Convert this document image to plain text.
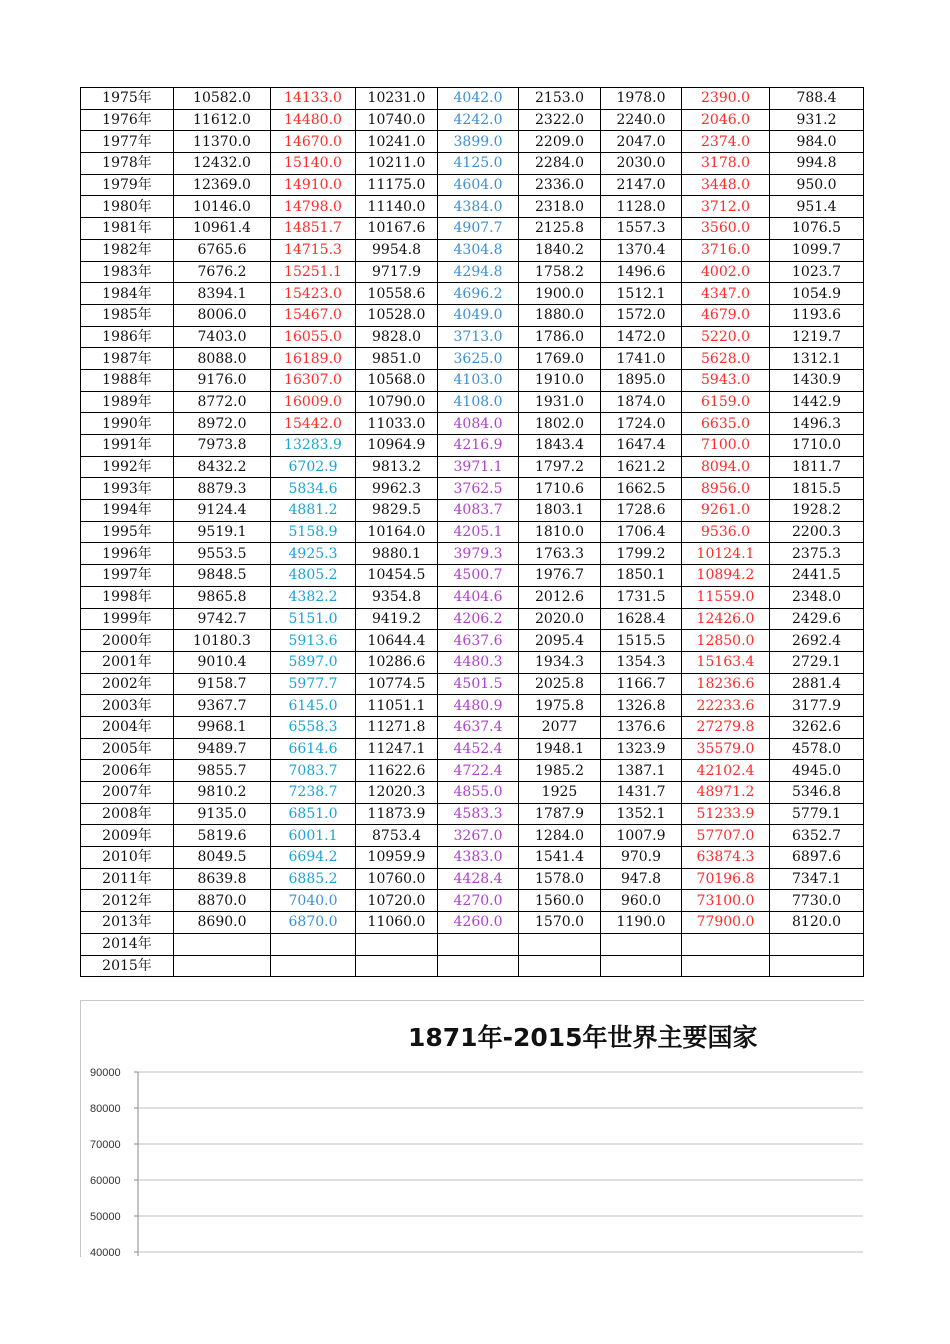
1975年	10582.0	14133.0	10231.0	4042.0	2153.0	1978.0	2390.0	788.4
1976年	11612.0	14480.0	10740.0	4242.0	2322.0	2240.0	2046.0	931.2
1977年	11370.0	14670.0	10241.0	3899.0	2209.0	2047.0	2374.0	984.0
1978年	12432.0	15140.0	10211.0	4125.0	2284.0	2030.0	3178.0	994.8
1979年	12369.0	14910.0	11175.0	4604.0	2336.0	2147.0	3448.0	950.0
1980年	10146.0	14798.0	11140.0	4384.0	2318.0	1128.0	3712.0	951.4
1981年	10961.4	14851.7	10167.6	4907.7	2125.8	1557.3	3560.0	1076.5
1982年	6765.6	14715.3	9954.8	4304.8	1840.2	1370.4	3716.0	1099.7
1983年	7676.2	15251.1	9717.9	4294.8	1758.2	1496.6	4002.0	1023.7
1984年	8394.1	15423.0	10558.6	4696.2	1900.0	1512.1	4347.0	1054.9
1985年	8006.0	15467.0	10528.0	4049.0	1880.0	1572.0	4679.0	1193.6
1986年	7403.0	16055.0	9828.0	3713.0	1786.0	1472.0	5220.0	1219.7
1987年	8088.0	16189.0	9851.0	3625.0	1769.0	1741.0	5628.0	1312.1
1988年	9176.0	16307.0	10568.0	4103.0	1910.0	1895.0	5943.0	1430.9
1989年	8772.0	16009.0	10790.0	4108.0	1931.0	1874.0	6159.0	1442.9
1990年	8972.0	15442.0	11033.0	4084.0	1802.0	1724.0	6635.0	1496.3
1991年	7973.8	13283.9	10964.9	4216.9	1843.4	1647.4	7100.0	1710.0
1992年	8432.2	6702.9	9813.2	3971.1	1797.2	1621.2	8094.0	1811.7
1993年	8879.3	5834.6	9962.3	3762.5	1710.6	1662.5	8956.0	1815.5
1994年	9124.4	4881.2	9829.5	4083.7	1803.1	1728.6	9261.0	1928.2
1995年	9519.1	5158.9	10164.0	4205.1	1810.0	1706.4	9536.0	2200.3
1996年	9553.5	4925.3	9880.1	3979.3	1763.3	1799.2	10124.1	2375.3
1997年	9848.5	4805.2	10454.5	4500.7	1976.7	1850.1	10894.2	2441.5
1998年	9865.8	4382.2	9354.8	4404.6	2012.6	1731.5	11559.0	2348.0
1999年	9742.7	5151.0	9419.2	4206.2	2020.0	1628.4	12426.0	2429.6
2000年	10180.3	5913.6	10644.4	4637.6	2095.4	1515.5	12850.0	2692.4
2001年	9010.4	5897.0	10286.6	4480.3	1934.3	1354.3	15163.4	2729.1
2002年	9158.7	5977.7	10774.5	4501.5	2025.8	1166.7	18236.6	2881.4
2003年	9367.7	6145.0	11051.1	4480.9	1975.8	1326.8	22233.6	3177.9
2004年	9968.1	6558.3	11271.8	4637.4	2077	1376.6	27279.8	3262.6
2005年	9489.7	6614.6	11247.1	4452.4	1948.1	1323.9	35579.0	4578.0
2006年	9855.7	7083.7	11622.6	4722.4	1985.2	1387.1	42102.4	4945.0
2007年	9810.2	7238.7	12020.3	4855.0	1925	1431.7	48971.2	5346.8
2008年	9135.0	6851.0	11873.9	4583.3	1787.9	1352.1	51233.9	5779.1
2009年	5819.6	6001.1	8753.4	3267.0	1284.0	1007.9	57707.0	6352.7
2010年	8049.5	6694.2	10959.9	4383.0	1541.4	970.9	63874.3	6897.6
2011年	8639.8	6885.2	10760.0	4428.4	1578.0	947.8	70196.8	7347.1
2012年	8870.0	7040.0	10720.0	4270.0	1560.0	960.0	73100.0	7730.0
2013年	8690.0	6870.0	11060.0	4260.0	1570.0	1190.0	77900.0	8120.0
2014年								
2015年								
1871年-2015年世界主要国家
90000
80000
70000
60000
50000
40000
